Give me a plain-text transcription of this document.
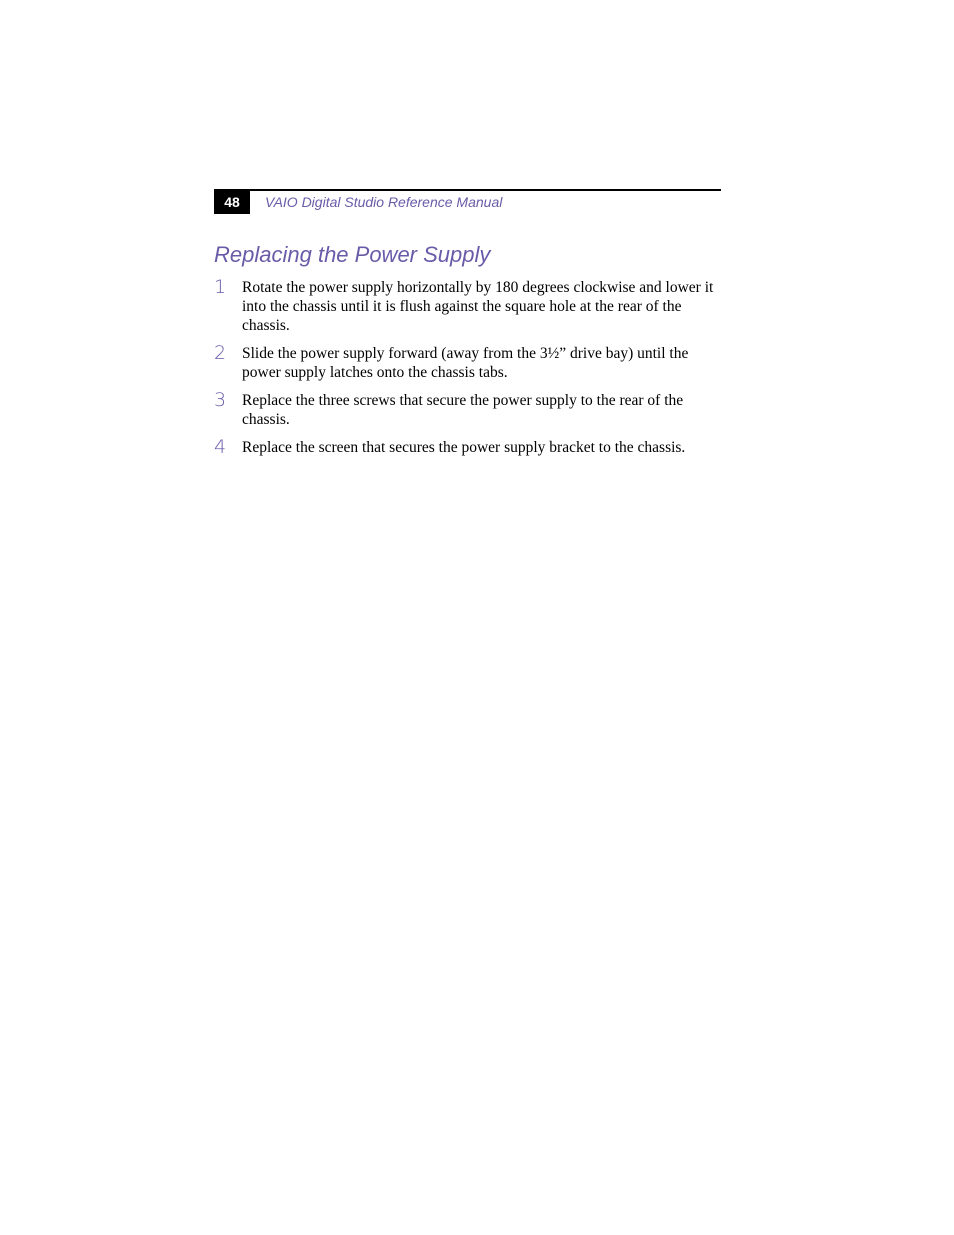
48	VAIO Digital Studio Reference Manual
Replacing the Power Supply
1 Rotate the power supply horizontally by 180 degrees clockwise and lower it into the chassis until it is flush against the square hole at the rear of the chassis.
2 Slide the power supply forward (away from the 3½” drive bay) until the power supply latches onto the chassis tabs.
3 Replace the three screws that secure the power supply to the rear of the chassis.
4 Replace the screen that secures the power supply bracket to the chassis.
